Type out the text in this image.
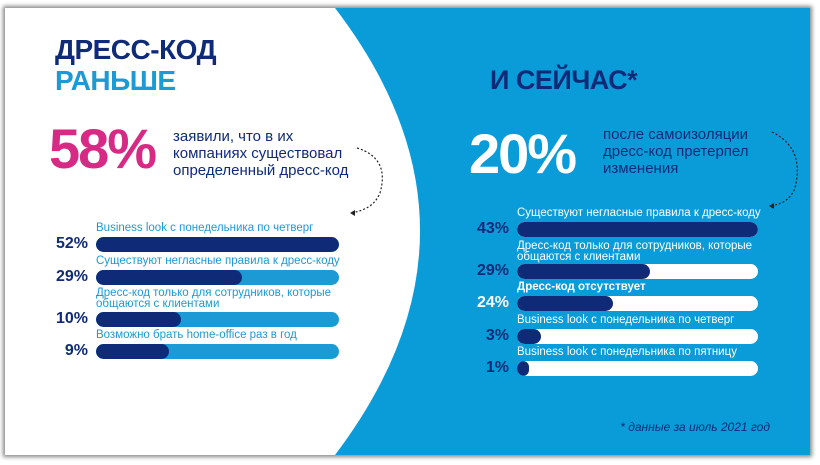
ДРЕСС-КОД
РАНЬШЕ	И СЕЙЧАС*
58% заявили, что в их компаниях существовал определенный дресс-код 20% после самоизоляции дресс-код претерпел изменения
Business look с понедельника по четверг
52%
Существуют негласные правила к дресс-коду
29%
Дресс-код только для сотрудников, которые общаются с клиентами
10%
Возможно брать home-office раз в год
9%
Существуют негласные правила к дресс-коду
43%
Дресс-код только для сотрудников, которые общаются с клиентами
29%
Дресс-код отсутствует
24%
Business look с понедельника по четверг
3%
Business look с понедельника по пятницу
1%
* данные за июль 2021 год
